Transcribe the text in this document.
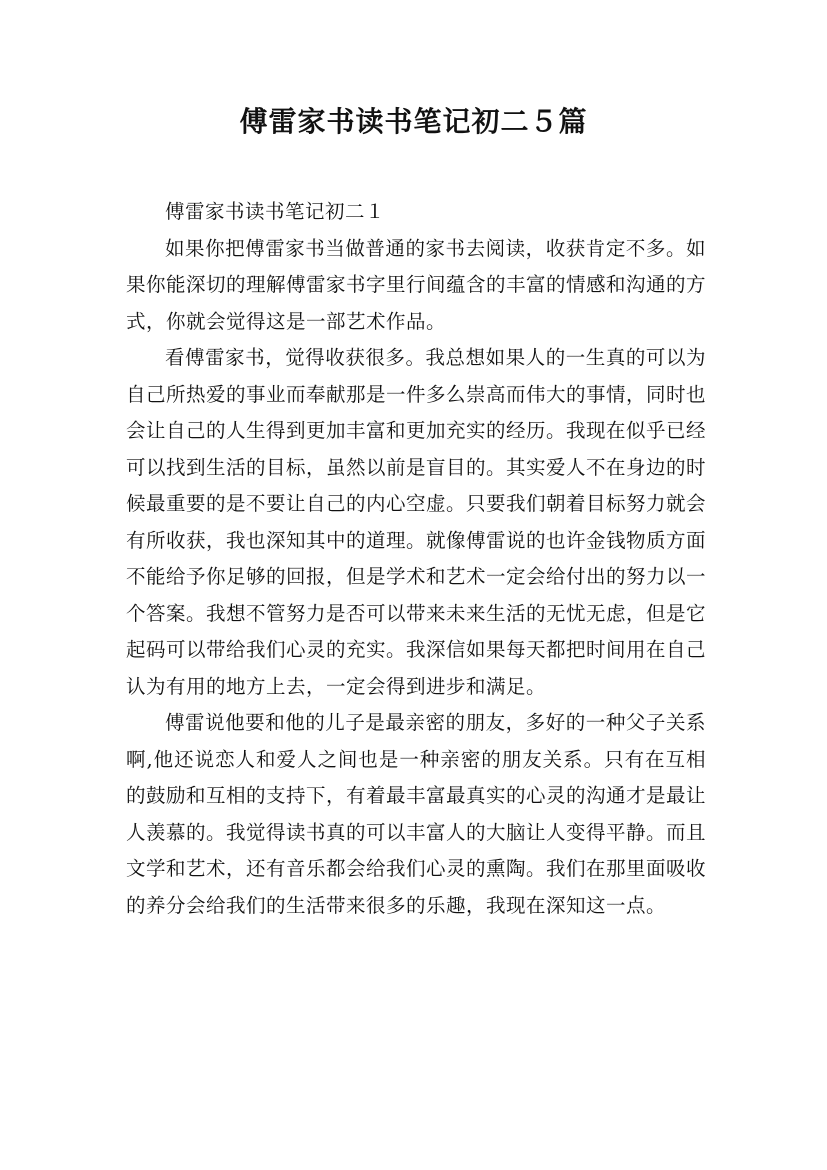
傅雷家书读书笔记初二５篇

傅雷家书读书笔记初二１

如果你把傅雷家书当做普通的家书去阅读，收获肯定不多。如果你能深切的理解傅雷家书字里行间蕴含的丰富的情感和沟通的方式，你就会觉得这是一部艺术作品。

看傅雷家书，觉得收获很多。我总想如果人的一生真的可以为自己所热爱的事业而奉献那是一件多么崇高而伟大的事情，同时也会让自己的人生得到更加丰富和更加充实的经历。我现在似乎已经可以找到生活的目标，虽然以前是盲目的。其实爱人不在身边的时候最重要的是不要让自己的内心空虚。只要我们朝着目标努力就会有所收获，我也深知其中的道理。就像傅雷说的也许金钱物质方面不能给予你足够的回报，但是学术和艺术一定会给付出的努力以一个答案。我想不管努力是否可以带来未来生活的无忧无虑，但是它起码可以带给我们心灵的充实。我深信如果每天都把时间用在自己认为有用的地方上去，一定会得到进步和满足。

傅雷说他要和他的儿子是最亲密的朋友，多好的一种父子关系啊,他还说恋人和爱人之间也是一种亲密的朋友关系。只有在互相的鼓励和互相的支持下，有着最丰富最真实的心灵的沟通才是最让人羡慕的。我觉得读书真的可以丰富人的大脑让人变得平静。而且文学和艺术，还有音乐都会给我们心灵的熏陶。我们在那里面吸收的养分会给我们的生活带来很多的乐趣，我现在深知这一点。
